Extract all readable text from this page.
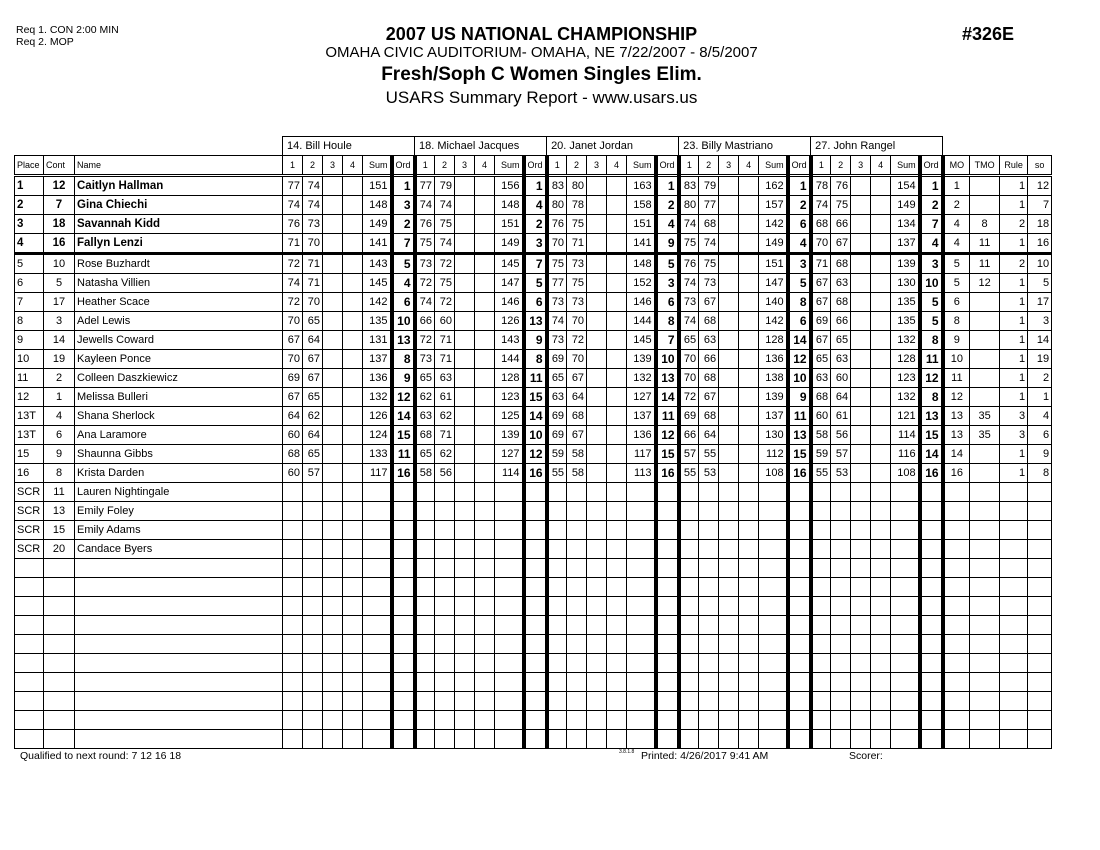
Req 1. CON 2:00 MIN
Req 2. MOP	2007 US NATIONAL CHAMPIONSHIP
OMAHA CIVIC AUDITORIUM- OMAHA, NE 7/22/2007 - 8/5/2007
Fresh/Soph C Women Singles Elim.
USARS Summary Report - www.usars.us
#326E
			14. Bill Houle						18. Michael Jacques						20. Janet Jordan						23. Billy Mastriano						27. John Rangel									
Place	Cont	Name	1	2	3	4	Sum	Ord	1	2	3	4	Sum	Ord	1	2	3	4	Sum	Ord	1	2	3	4	Sum	Ord	1	2	3	4	Sum	Ord	MO	TMO	Rule	so
1	12	Caitlyn Hallman	77	74			151	1	77	79			156	1	83	80			163	1	83	79			162	1	78	76			154	1	1		1	12
2	7	Gina Chiechi	74	74			148	3	74	74			148	4	80	78			158	2	80	77			157	2	74	75			149	2	2		1	7
3	18	Savannah Kidd	76	73			149	2	76	75			151	2	76	75			151	4	74	68			142	6	68	66			134	7	4	8	2	18
4	16	Fallyn Lenzi	71	70			141	7	75	74			149	3	70	71			141	9	75	74			149	4	70	67			137	4	4	11	1	16
5	10	Rose Buzhardt	72	71			143	5	73	72			145	7	75	73			148	5	76	75			151	3	71	68			139	3	5	11	2	10
6	5	Natasha Villien	74	71			145	4	72	75			147	5	77	75			152	3	74	73			147	5	67	63			130	10	5	12	1	5
7	17	Heather Scace	72	70			142	6	74	72			146	6	73	73			146	6	73	67			140	8	67	68			135	5	6		1	17
8	3	Adel Lewis	70	65			135	10	66	60			126	13	74	70			144	8	74	68			142	6	69	66			135	5	8		1	3
9	14	Jewells Coward	67	64			131	13	72	71			143	9	73	72			145	7	65	63			128	14	67	65			132	8	9		1	14
10	19	Kayleen Ponce	70	67			137	8	73	71			144	8	69	70			139	10	70	66			136	12	65	63			128	11	10		1	19
11	2	Colleen Daszkiewicz	69	67			136	9	65	63			128	11	65	67			132	13	70	68			138	10	63	60			123	12	11		1	2
12	1	Melissa Bulleri	67	65			132	12	62	61			123	15	63	64			127	14	72	67			139	9	68	64			132	8	12		1	1
13T	4	Shana Sherlock	64	62			126	14	63	62			125	14	69	68			137	11	69	68			137	11	60	61			121	13	13	35	3	4
13T	6	Ana Laramore	60	64			124	15	68	71			139	10	69	67			136	12	66	64			130	13	58	56			114	15	13	35	3	6
15	9	Shaunna Gibbs	68	65			133	11	65	62			127	12	59	58			117	15	57	55			112	15	59	57			116	14	14		1	9
16	8	Krista Darden	60	57			117	16	58	56			114	16	55	58			113	16	55	53			108	16	55	53			108	16	16		1	8
SCR	11	Lauren Nightingale																																		
SCR	13	Emily Foley																																		
SCR	15	Emily Adams																																		
SCR	20	Candace Byers																																		

Qualified to next round: 7 12 16 18	3.8.1.8 Printed: 4/26/2017 9:41 AM	Scorer:
